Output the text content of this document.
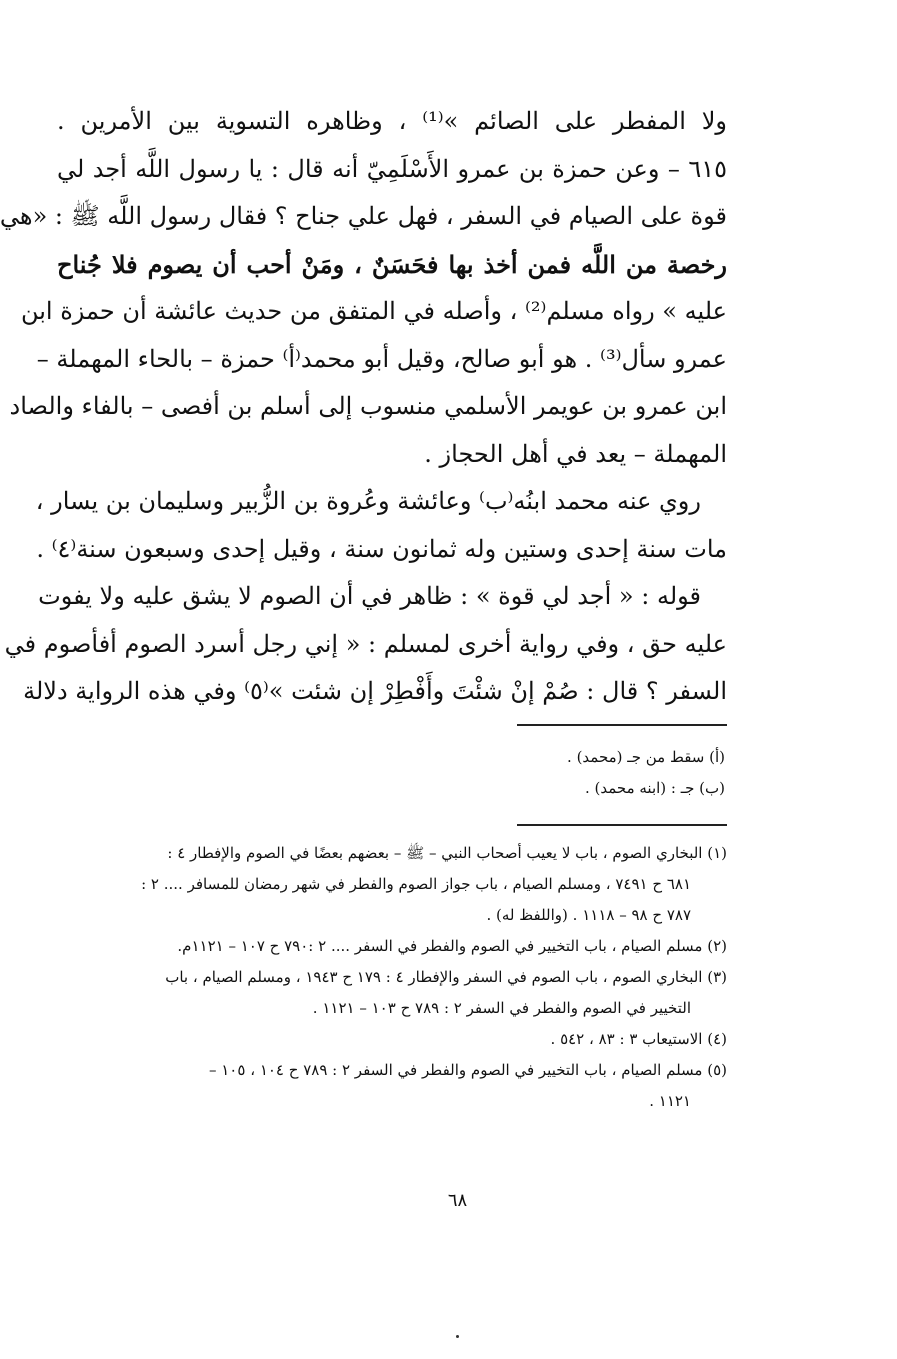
ولا المفطر على الصائم »⁽¹⁾ ، وظاهره التسوية بين الأمرين .
٦١٥ – وعن حمزة بن عمرو الأَسْلَمِيّ أنه قال : يا رسول اللَّه أجد لي
قوة على الصيام في السفر ، فهل علي جناح ؟ فقال رسول اللَّه ﷺ : «هي
رخصة من اللَّه فمن أخذ بها فحَسَنٌ ، ومَنْ أحب أن يصوم فلا جُناح
عليه » رواه مسلم⁽²⁾ ، وأصله في المتفق من حديث عائشة أن حمزة ابن
عمرو سأل⁽³⁾ . هو أبو صالح، وقيل أبو محمد⁽أ⁾ حمزة – بالحاء المهملة –
ابن عمرو بن عويمر الأسلمي منسوب إلى أسلم بن أفصى – بالفاء والصاد
المهملة – يعد في أهل الحجاز .
روي عنه محمد ابنُه⁽ب⁾ وعائشة وعُروة بن الزُّبير وسليمان بن يسار ،
مات سنة إحدى وستين وله ثمانون سنة ، وقيل إحدى وسبعون سنة⁽٤⁾ .
قوله : « أجد لي قوة » : ظاهر في أن الصوم لا يشق عليه ولا يفوت
عليه حق ، وفي رواية أخرى لمسلم : « إني رجل أسرد الصوم أفأصوم في
السفر ؟ قال : صُمْ إنْ شئْتَ وأَفْطِرْ إن شئت »⁽٥⁾ وفي هذه الرواية دلالة
(أ) سقط من جـ (محمد) .
(ب) جـ : (ابنه محمد) .
(١) البخاري الصوم ، باب لا يعيب أصحاب النبي – ﷺ – بعضهم بعضًا في الصوم والإفطار ٤ :
٦٨١ ح ٧٤٩١ ، ومسلم الصيام ، باب جواز الصوم والفطر في شهر رمضان للمسافر .... ٢ :
٧٨٧ ح ٩٨ – ١١١٨ . (واللفظ له) .
(٢) مسلم الصيام ، باب التخيير في الصوم والفطر في السفر .... ٢ :٧٩٠ ح ١٠٧ – ١١٢١م.
(٣) البخاري الصوم ، باب الصوم في السفر والإفطار ٤ : ١٧٩ ح ١٩٤٣ ، ومسلم الصيام ، باب
التخيير في الصوم والفطر في السفر ٢ : ٧٨٩ ح ١٠٣ – ١١٢١ .
(٤) الاستيعاب ٣ : ٨٣ ، ٥٤٢ .
(٥) مسلم الصيام ، باب التخيير في الصوم والفطر في السفر ٢ : ٧٨٩ ح ١٠٤ ، ١٠٥ –
١١٢١ .
٦٨
